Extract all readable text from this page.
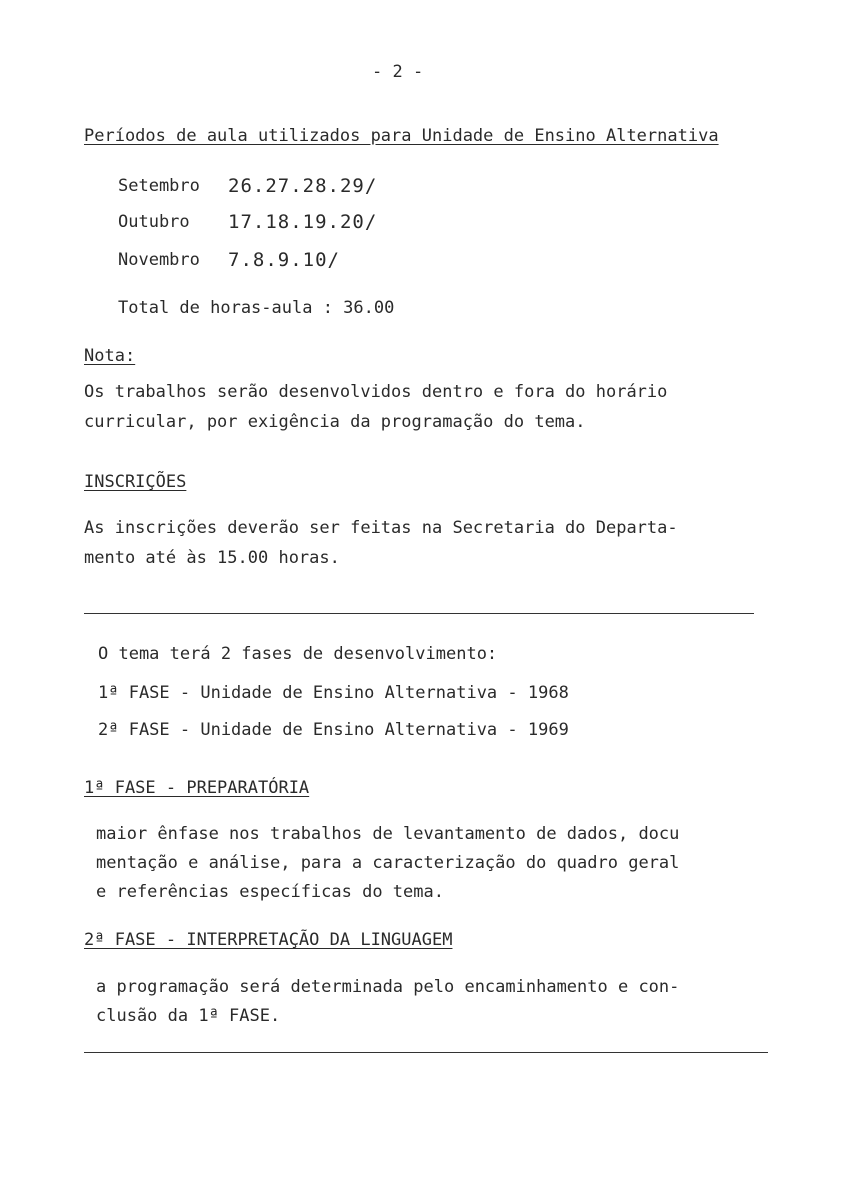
- 2 -
Períodos de aula utilizados para Unidade de Ensino Alternativa
Setembro 26.27.28.29/
Outubro 17.18.19.20/
Novembro 7.8.9.10/
Total de horas-aula : 36.00
Nota:
Os trabalhos serão desenvolvidos dentro e fora do horário
curricular, por exigência da programação do tema.
INSCRIÇÕES
As inscrições deverão ser feitas na Secretaria do Departa-
mento até às 15.00 horas.
O tema terá 2 fases de desenvolvimento:
1ª FASE - Unidade de Ensino Alternativa - 1968
2ª FASE - Unidade de Ensino Alternativa - 1969
1ª FASE - PREPARATÓRIA
maior ênfase nos trabalhos de levantamento de dados, docu
mentação e análise, para a caracterização do quadro geral
e referências específicas do tema.
2ª FASE - INTERPRETAÇÃO DA LINGUAGEM
a programação será determinada pelo encaminhamento e con-
clusão da 1ª FASE.
